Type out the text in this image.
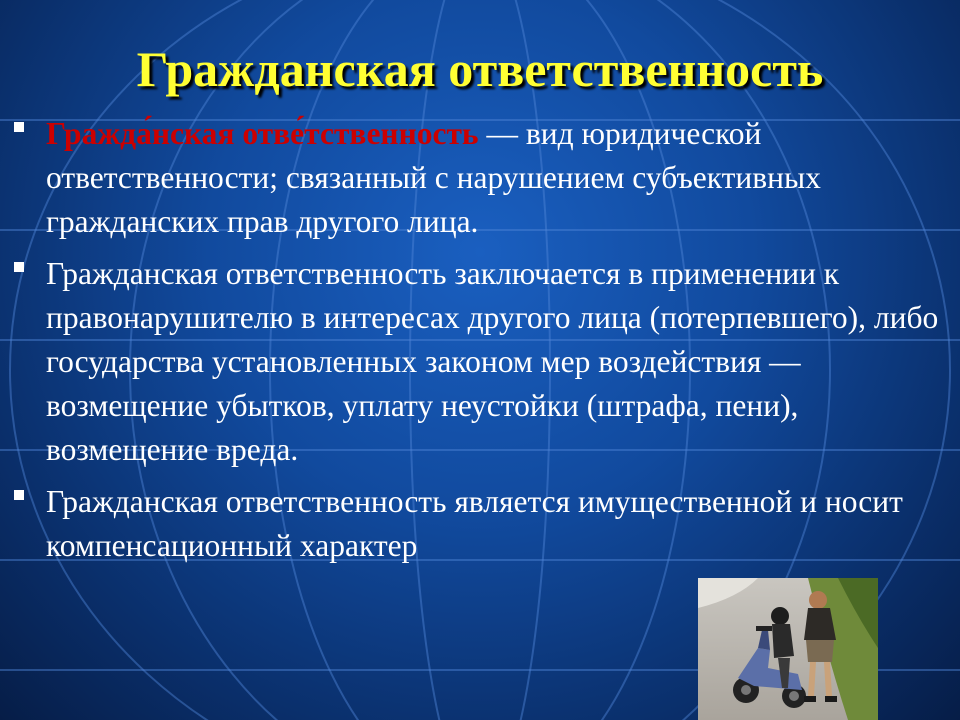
Гражданская ответственность
Гражда́нская отве́тственность — вид юридической ответственности; связанный с нарушением субъективных гражданских прав другого лица.
Гражданская ответственность заключается в применении к правонарушителю в интересах другого лица (потерпевшего), либо государства установленных законом мер воздействия — возмещение убытков, уплату неустойки (штрафа, пени), возмещение вреда.
Гражданская ответственность является имущественной и носит компенсационный характер
